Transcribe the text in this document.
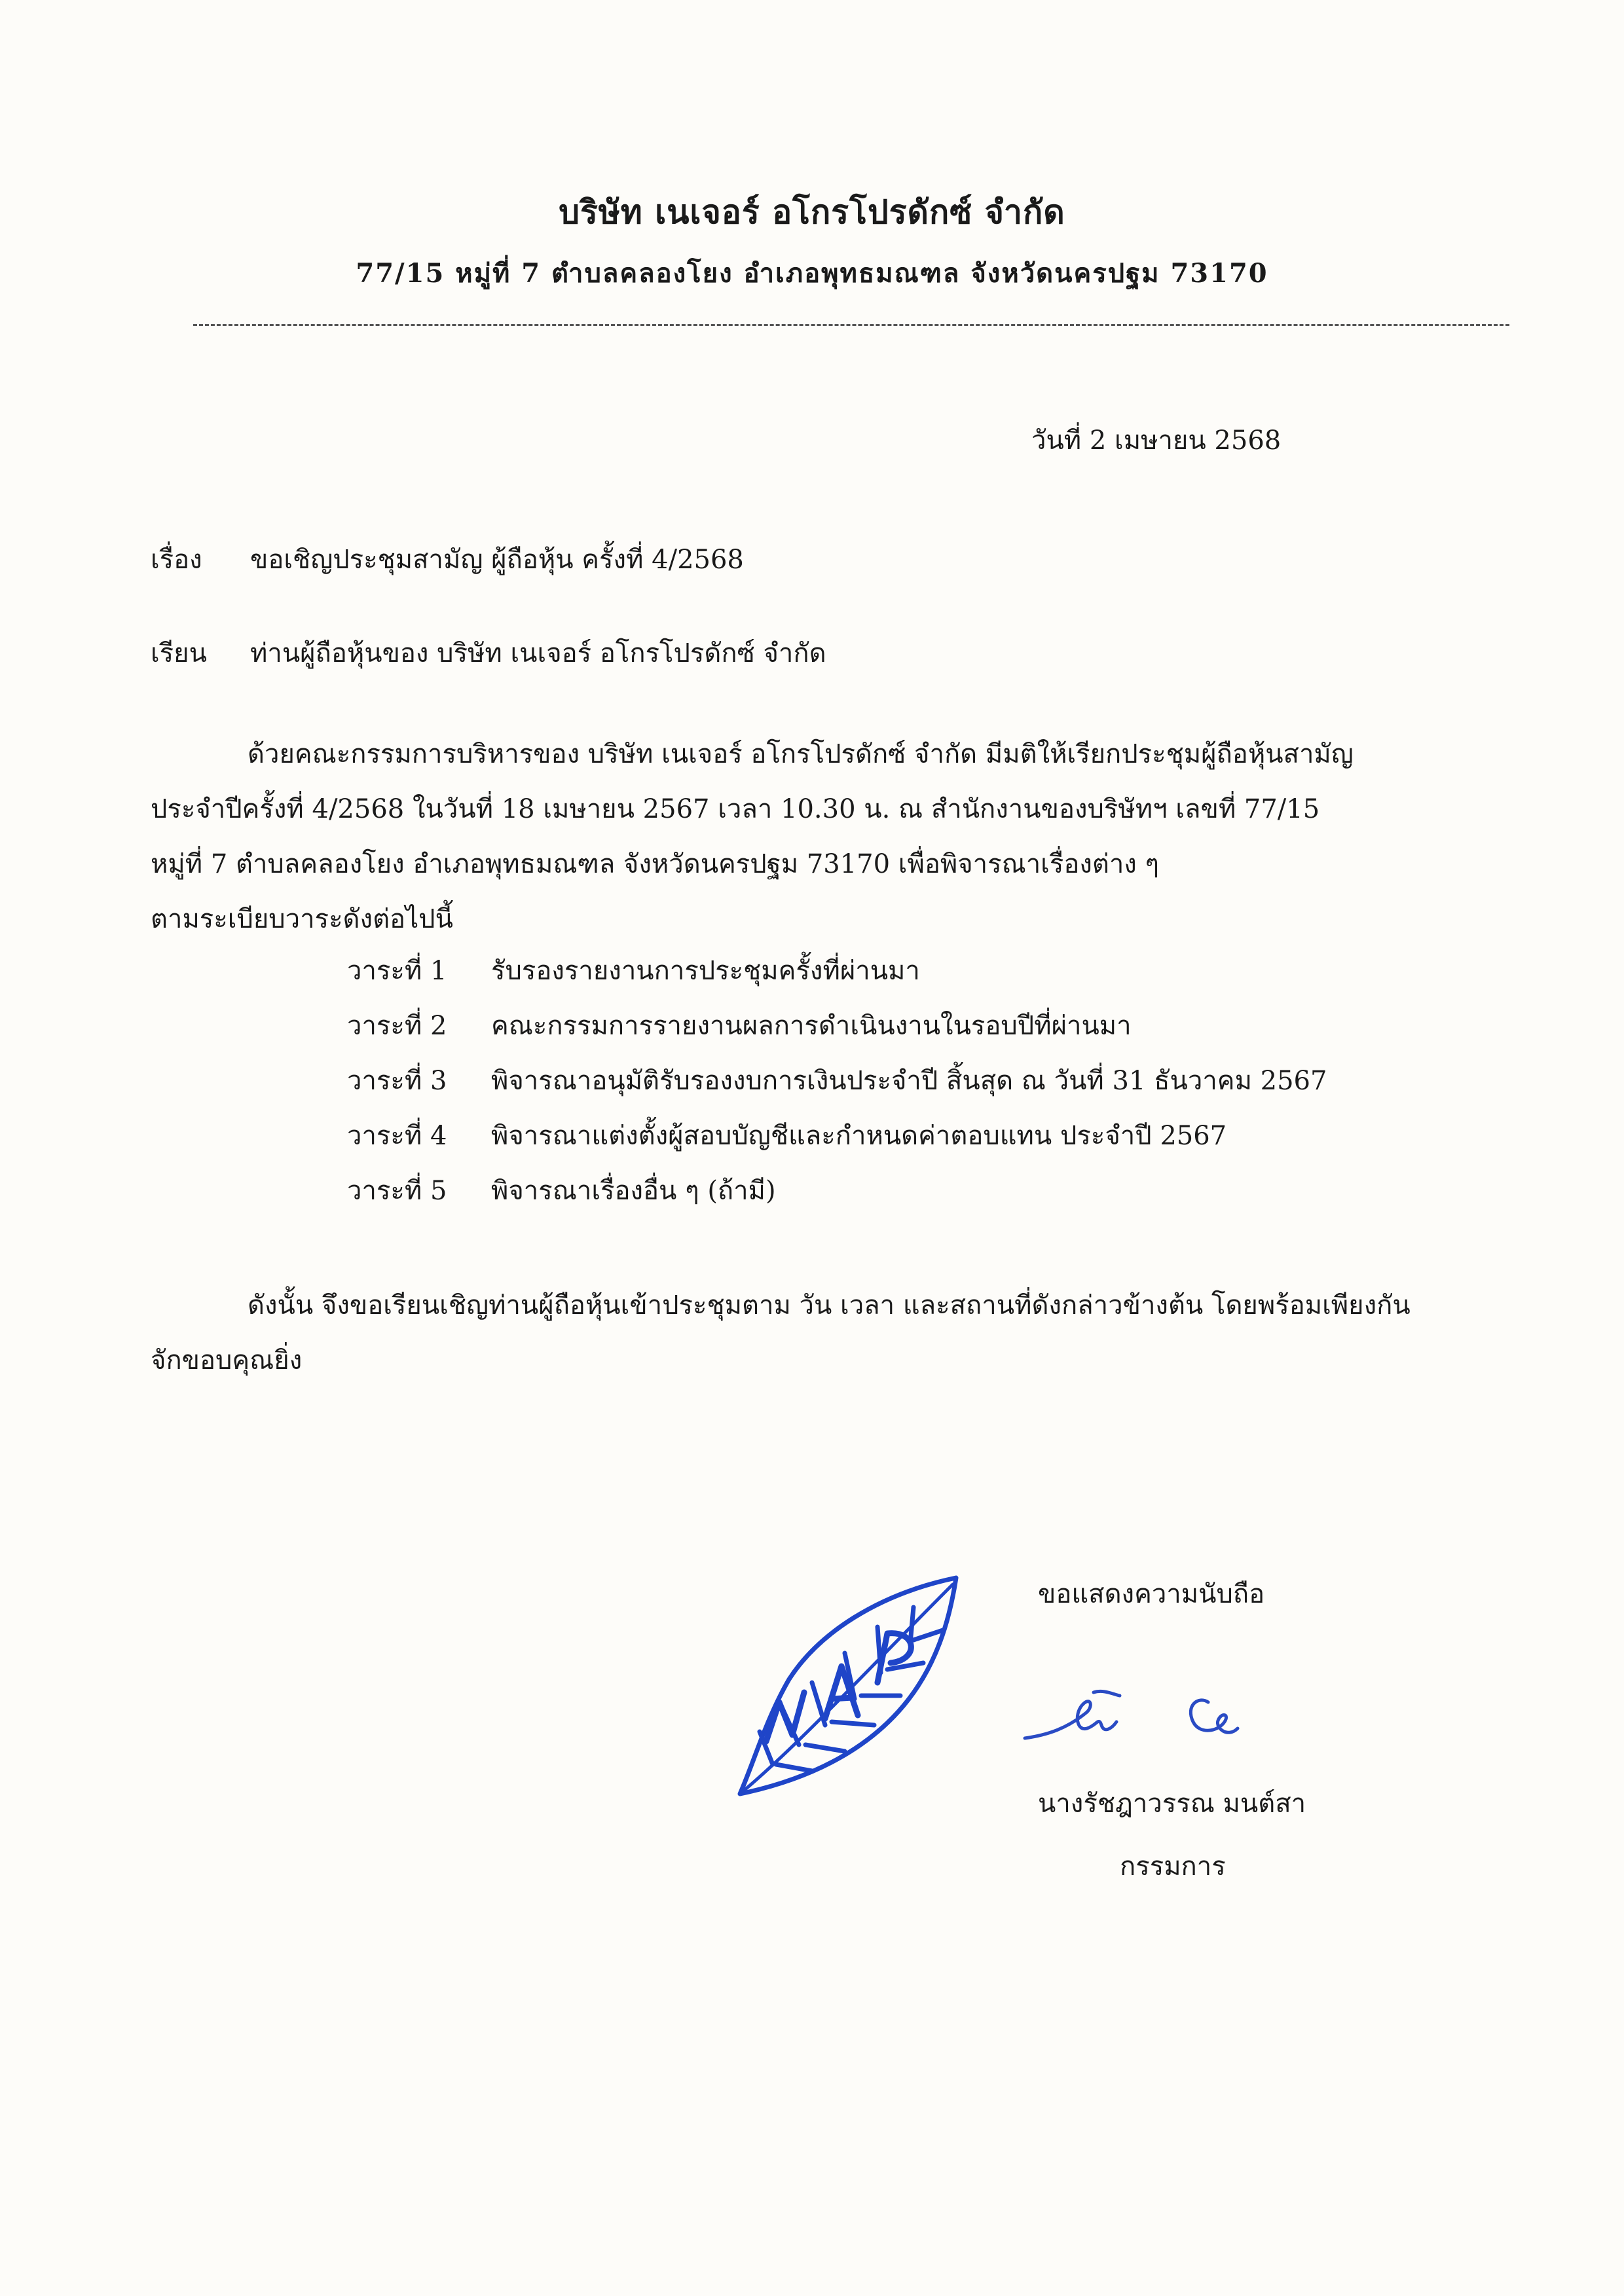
บริษัท เนเจอร์ อโกรโปรดักซ์ จำกัด
77/15 หมู่ที่ 7 ตำบลคลองโยง อำเภอพุทธมณฑล จังหวัดนครปฐม 73170
วันที่ 2 เมษายน 2568
เรื่อง ขอเชิญประชุมสามัญ ผู้ถือหุ้น ครั้งที่ 4/2568
เรียน ท่านผู้ถือหุ้นของ บริษัท เนเจอร์ อโกรโปรดักซ์ จำกัด
ด้วยคณะกรรมการบริหารของ บริษัท เนเจอร์ อโกรโปรดักซ์ จำกัด มีมติให้เรียกประชุมผู้ถือหุ้นสามัญ
ประจำปีครั้งที่ 4/2568 ในวันที่ 18 เมษายน 2567 เวลา 10.30 น. ณ สำนักงานของบริษัทฯ เลขที่ 77/15
หมู่ที่ 7 ตำบลคลองโยง อำเภอพุทธมณฑล จังหวัดนครปฐม 73170 เพื่อพิจารณาเรื่องต่าง ๆ
ตามระเบียบวาระดังต่อไปนี้
วาระที่ 1	รับรองรายงานการประชุมครั้งที่ผ่านมา
วาระที่ 2	คณะกรรมการรายงานผลการดำเนินงานในรอบปีที่ผ่านมา
วาระที่ 3	พิจารณาอนุมัติรับรองงบการเงินประจำปี สิ้นสุด ณ วันที่ 31 ธันวาคม 2567
วาระที่ 4	พิจารณาแต่งตั้งผู้สอบบัญชีและกำหนดค่าตอบแทน ประจำปี 2567
วาระที่ 5	พิจารณาเรื่องอื่น ๆ (ถ้ามี)
ดังนั้น จึงขอเรียนเชิญท่านผู้ถือหุ้นเข้าประชุมตาม วัน เวลา และสถานที่ดังกล่าวข้างต้น โดยพร้อมเพียงกัน
จักขอบคุณยิ่ง
ขอแสดงความนับถือ
นางรัชฎาวรรณ มนต์สา
กรรมการ
